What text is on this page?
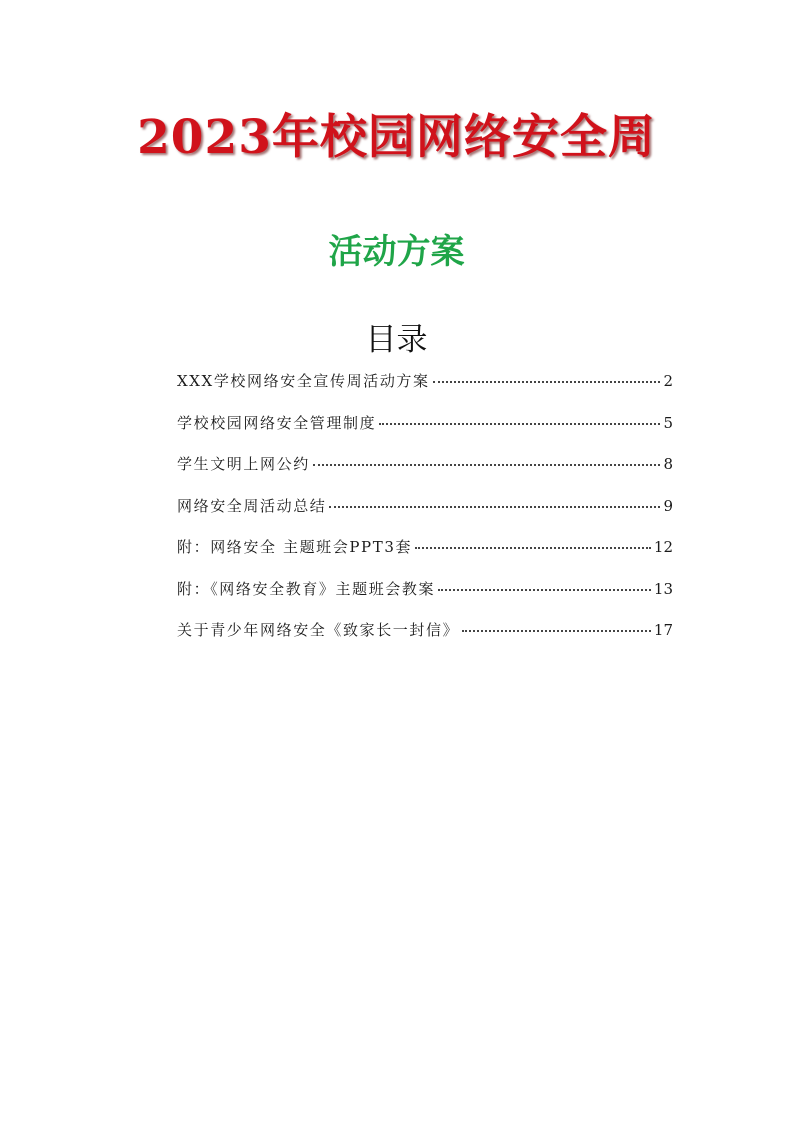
2023年校园网络安全周
活动方案
目录
XXX学校网络安全宣传周活动方案	2
学校校园网络安全管理制度	5
学生文明上网公约	8
网络安全周活动总结	9
附：网络安全 主题班会PPT3套	12
附：《网络安全教育》主题班会教案	13
关于青少年网络安全《致家长一封信》	17
